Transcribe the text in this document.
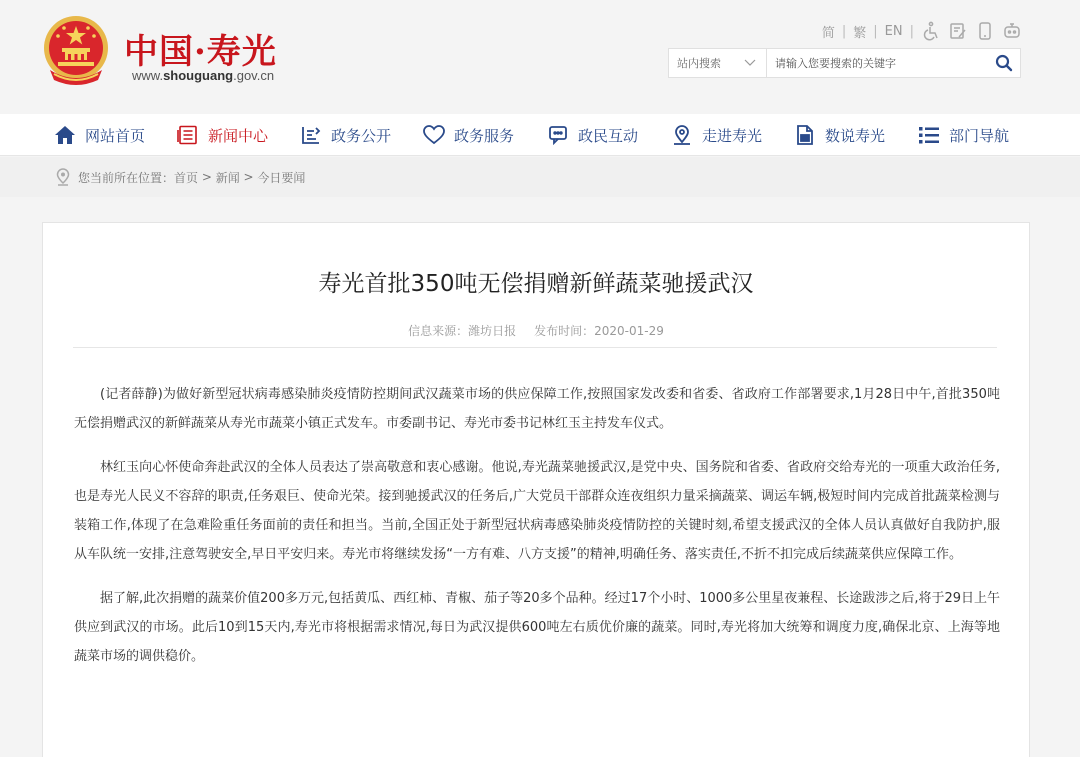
中国·寿光
www.shouguang.gov.cn
简 | 繁 | EN |
站内搜索
请输入您要搜索的关键字
网站首页	新闻中心	政务公开	政务服务	政民互动	走进寿光	数说寿光	部门导航
您当前所在位置： 首页 > 新闻 > 今日要闻
寿光首批350吨无偿捐赠新鲜蔬菜驰援武汉
信息来源：潍坊日报 发布时间：2020-01-29

(记者薛静)为做好新型冠状病毒感染肺炎疫情防控期间武汉蔬菜市场的供应保障工作,按照国家发改委和省委、省政府工作部署要求,1月28日中午,首批350吨无偿捐赠武汉的新鲜蔬菜从寿光市蔬菜小镇正式发车。市委副书记、寿光市委书记林红玉主持发车仪式。

林红玉向心怀使命奔赴武汉的全体人员表达了崇高敬意和衷心感谢。他说,寿光蔬菜驰援武汉,是党中央、国务院和省委、省政府交给寿光的一项重大政治任务,也是寿光人民义不容辞的职责,任务艰巨、使命光荣。接到驰援武汉的任务后,广大党员干部群众连夜组织力量采摘蔬菜、调运车辆,极短时间内完成首批蔬菜检测与装箱工作,体现了在急难险重任务面前的责任和担当。当前,全国正处于新型冠状病毒感染肺炎疫情防控的关键时刻,希望支援武汉的全体人员认真做好自我防护,服从车队统一安排,注意驾驶安全,早日平安归来。寿光市将继续发扬“一方有难、八方支援”的精神,明确任务、落实责任,不折不扣完成后续蔬菜供应保障工作。

据了解,此次捐赠的蔬菜价值200多万元,包括黄瓜、西红柿、青椒、茄子等20多个品种。经过17个小时、1000多公里星夜兼程、长途跋涉之后,将于29日上午供应到武汉的市场。此后10到15天内,寿光市将根据需求情况,每日为武汉提供600吨左右质优价廉的蔬菜。同时,寿光将加大统筹和调度力度,确保北京、上海等地蔬菜市场的调供稳价。
